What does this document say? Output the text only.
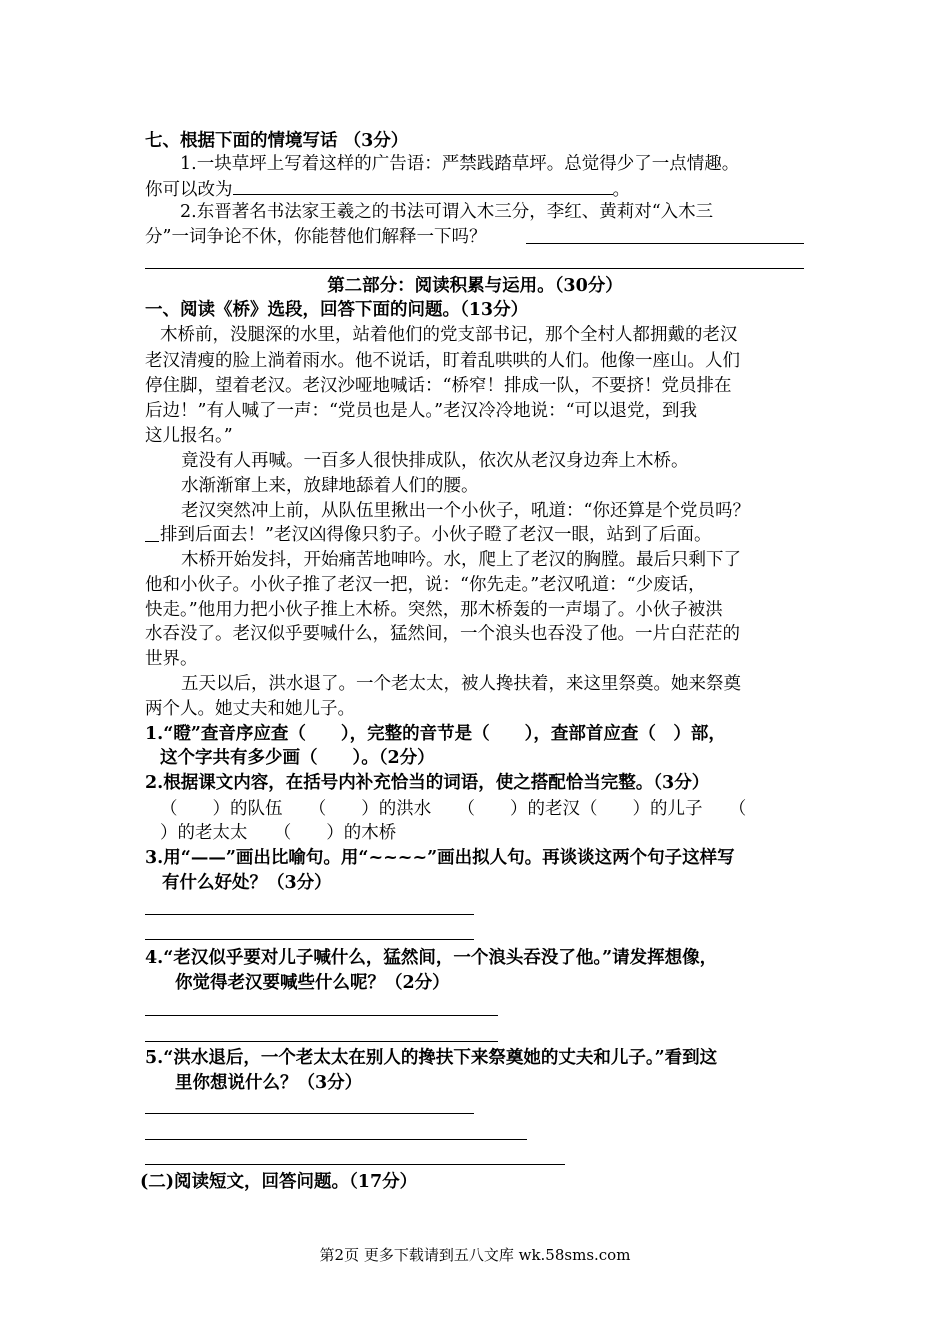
七、根据下面的情境写话 （3分）
1.一块草坪上写着这样的广告语：严禁践踏草坪。总觉得少了一点情趣。
你可以改为	。
2.东晋著名书法家王羲之的书法可谓入木三分，李红、黄莉对“入木三
分”一词争论不休，你能替他们解释一下吗？
第二部分：阅读积累与运用。（30分）
一、阅读《桥》选段，回答下面的问题。（13分）
木桥前，没腿深的水里，站着他们的党支部书记，那个全村人都拥戴的老汉
老汉清瘦的脸上淌着雨水。他不说话，盯着乱哄哄的人们。他像一座山。人们
停住脚，望着老汉。老汉沙哑地喊话：“桥窄！排成一队，不要挤！党员排在
后边！”有人喊了一声：“党员也是人。”老汉冷冷地说：“可以退党，到我
这儿报名。”
竟没有人再喊。一百多人很快排成队，依次从老汉身边奔上木桥。
水渐渐窜上来，放肆地舔着人们的腰。
老汉突然冲上前，从队伍里揪出一个小伙子，吼道：“你还算是个党员吗？
排到后面去！”老汉凶得像只豹子。小伙子瞪了老汉一眼，站到了后面。
木桥开始发抖，开始痛苦地呻吟。水，爬上了老汉的胸膛。最后只剩下了
他和小伙子。小伙子推了老汉一把，说：“你先走。”老汉吼道：“少废话，
快走。”他用力把小伙子推上木桥。突然，那木桥轰的一声塌了。小伙子被洪
水吞没了。老汉似乎要喊什么，猛然间，一个浪头也吞没了他。一片白茫茫的
世界。
五天以后，洪水退了。一个老太太，被人搀扶着，来这里祭奠。她来祭奠
两个人。她丈夫和她儿子。
1.“瞪”查音序应查（　　），完整的音节是（　　），查部首应查（　）部，
这个字共有多少画（　　）。（2分）
2.根据课文内容，在括号内补充恰当的词语，使之搭配恰当完整。（3分）
（　　）的队伍　　（　　）的洪水　　（　　）的老汉（　　）的儿子　　（
）的老太太　　（　　）的木桥
3.用“——”画出比喻句。用“~~~~”画出拟人句。再谈谈这两个句子这样写
有什么好处？（3分）
4.“老汉似乎要对儿子喊什么，猛然间，一个浪头吞没了他。”请发挥想像，
你觉得老汉要喊些什么呢？（2分）
5.“洪水退后，一个老太太在别人的搀扶下来祭奠她的丈夫和儿子。”看到这
里你想说什么？（3分）
(二)阅读短文，回答问题。（17分）
第2页 更多下载请到五八文库 wk.58sms.com
